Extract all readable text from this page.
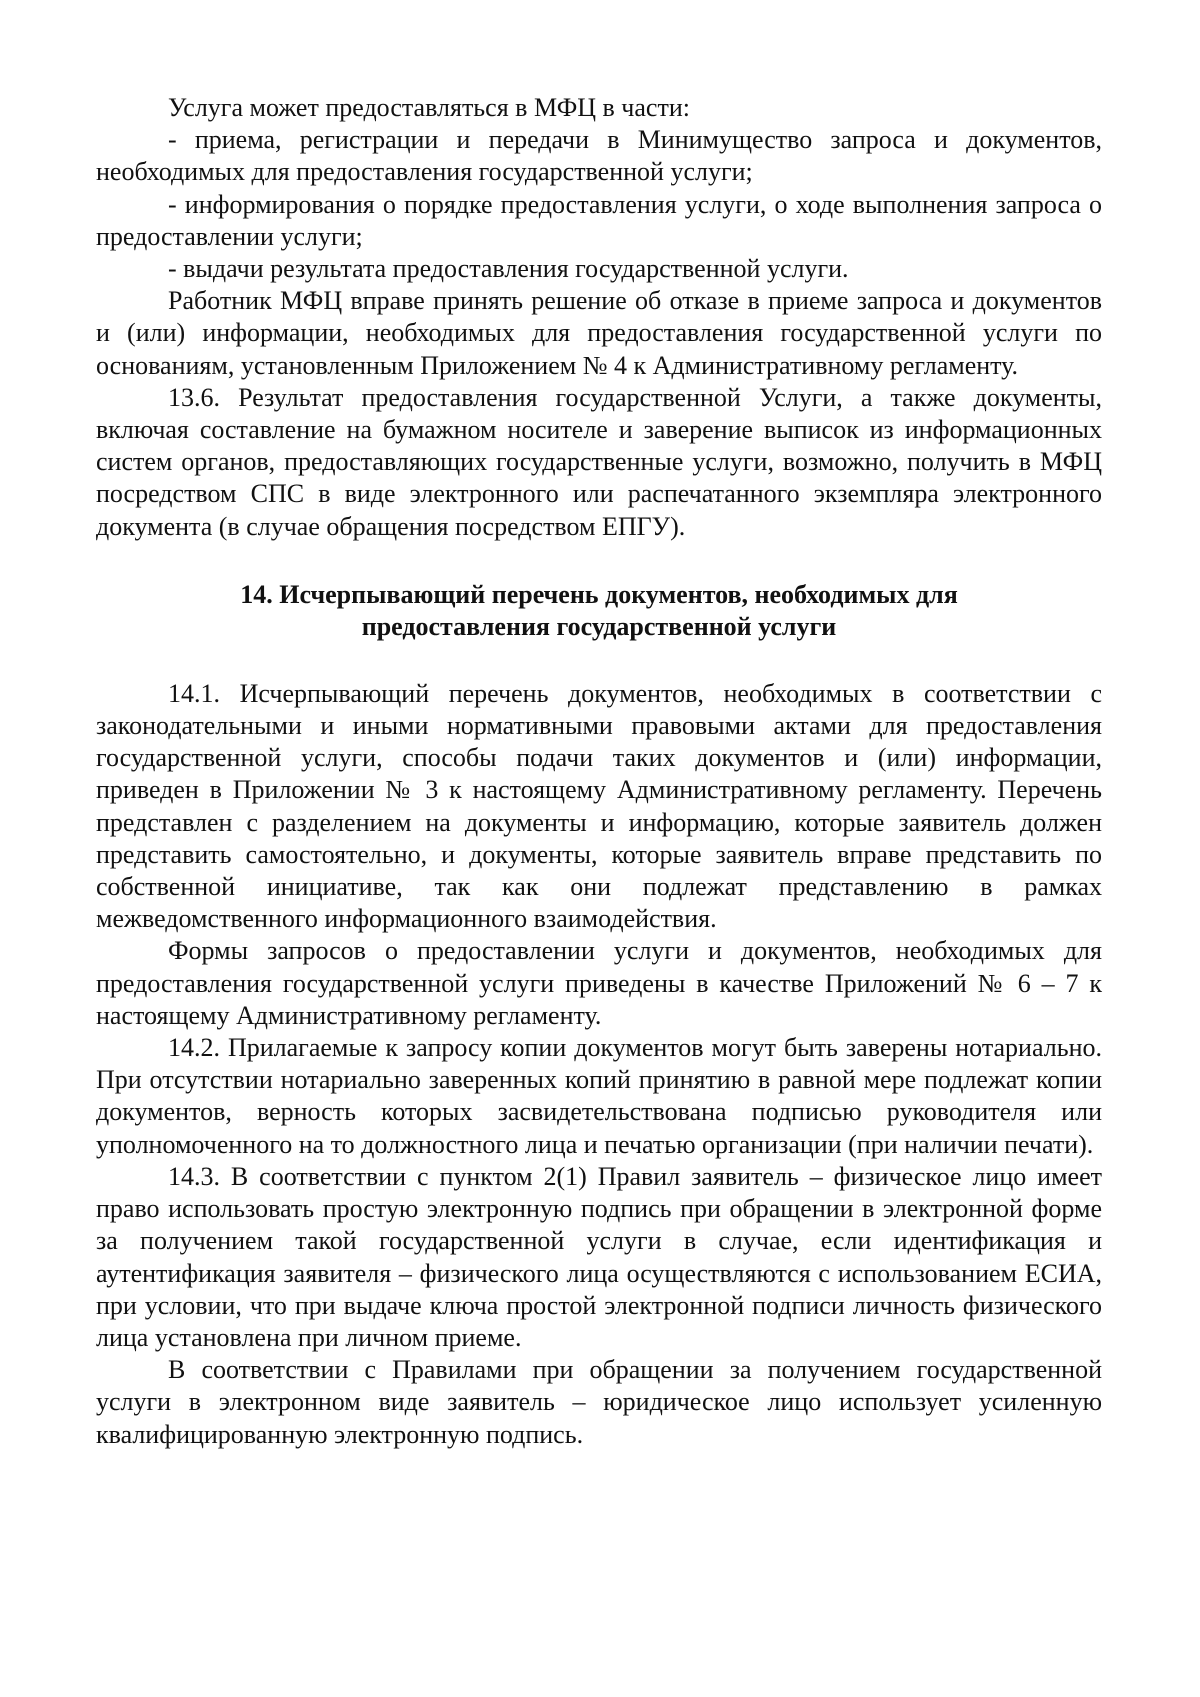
Услуга может предоставляться в МФЦ в части:

- приема, регистрации и передачи в Минимущество запроса и документов, необходимых для предоставления государственной услуги;

- информирования о порядке предоставления услуги, о ходе выполнения запроса о предоставлении услуги;

- выдачи результата предоставления государственной услуги.

Работник МФЦ вправе принять решение об отказе в приеме запроса и документов и (или) информации, необходимых для предоставления государственной услуги по основаниям, установленным Приложением № 4 к Административному регламенту.

13.6. Результат предоставления государственной Услуги, а также документы, включая составление на бумажном носителе и заверение выписок из информационных систем органов, предоставляющих государственные услуги, возможно, получить в МФЦ посредством СПС в виде электронного или распечатанного экземпляра электронного документа (в случае обращения посредством ЕПГУ).

14. Исчерпывающий перечень документов, необходимых для
предоставления государственной услуги

14.1. Исчерпывающий перечень документов, необходимых в соответствии с законодательными и иными нормативными правовыми актами для предоставления государственной услуги, способы подачи таких документов и (или) информации, приведен в Приложении № 3 к настоящему Административному регламенту. Перечень представлен с разделением на документы и информацию, которые заявитель должен представить самостоятельно, и документы, которые заявитель вправе представить по собственной инициативе, так как они подлежат представлению в рамках межведомственного информационного взаимодействия.

Формы запросов о предоставлении услуги и документов, необходимых для предоставления государственной услуги приведены в качестве Приложений № 6 – 7 к настоящему Административному регламенту.

14.2. Прилагаемые к запросу копии документов могут быть заверены нотариально. При отсутствии нотариально заверенных копий принятию в равной мере подлежат копии документов, верность которых засвидетельствована подписью руководителя или уполномоченного на то должностного лица и печатью организации (при наличии печати).

14.3. В соответствии с пунктом 2(1) Правил заявитель – физическое лицо имеет право использовать простую электронную подпись при обращении в электронной форме за получением такой государственной услуги в случае, если идентификация и аутентификация заявителя – физического лица осуществляются с использованием ЕСИА, при условии, что при выдаче ключа простой электронной подписи личность физического лица установлена при личном приеме.

В соответствии с Правилами при обращении за получением государственной услуги в электронном виде заявитель – юридическое лицо использует усиленную квалифицированную электронную подпись.
